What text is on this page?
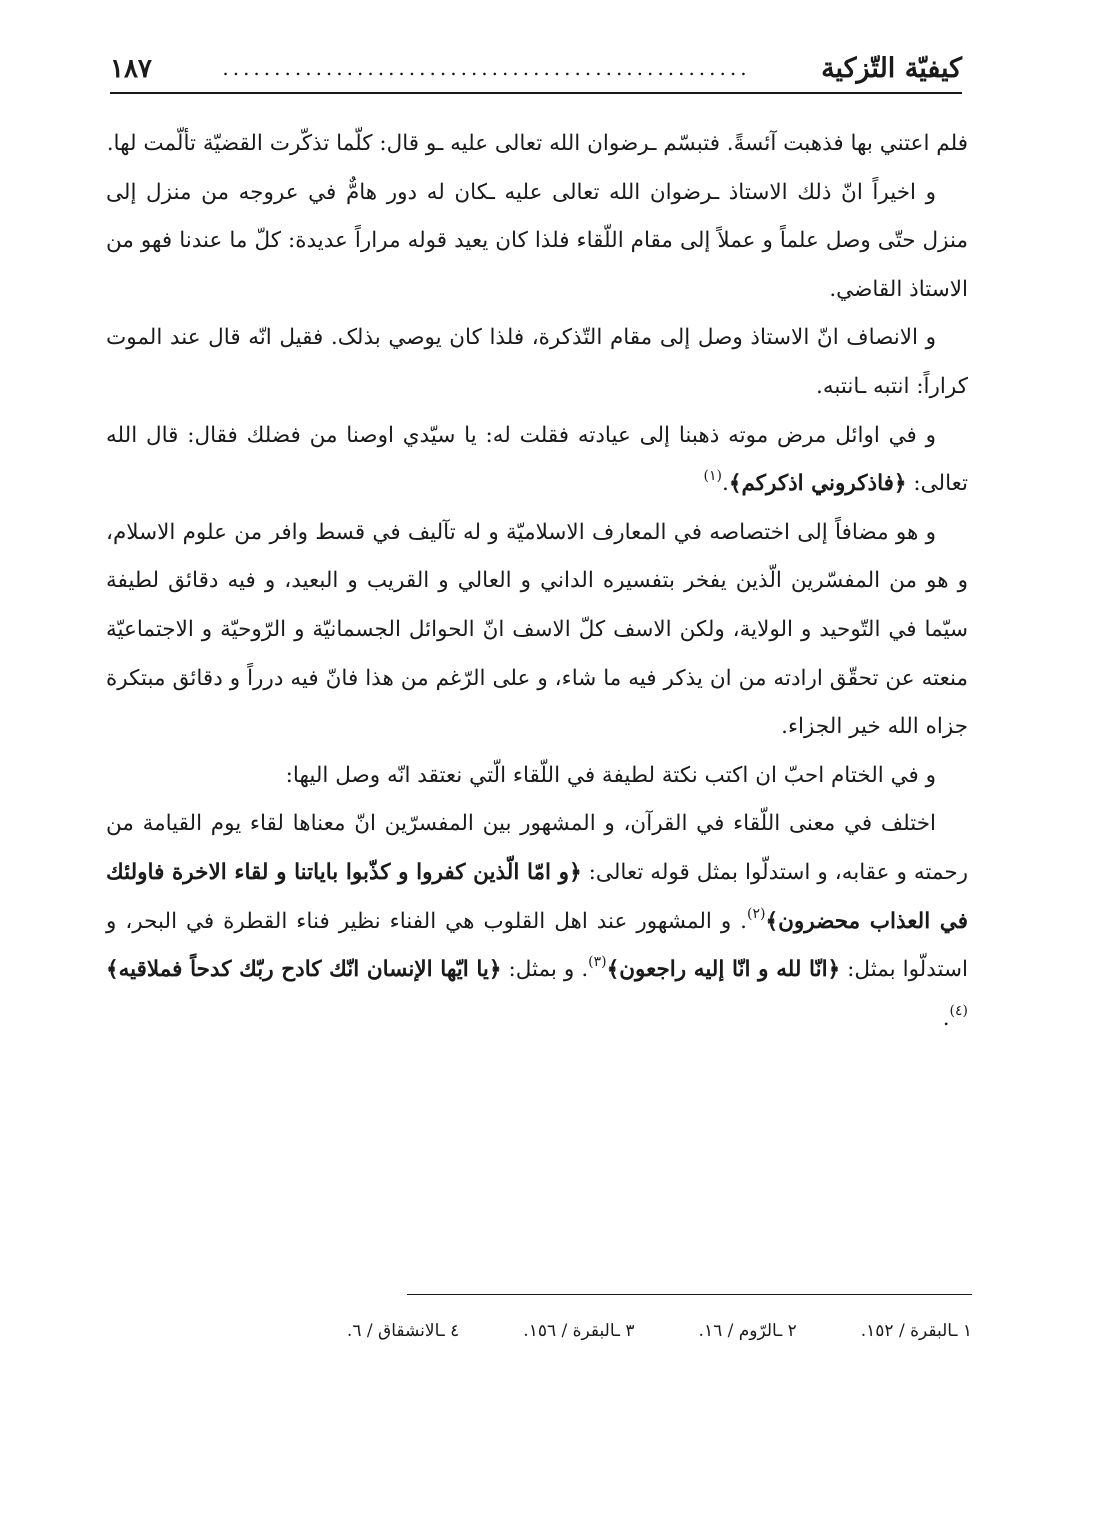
كيفيّة التّزكية
...................................................
١٨٧

فلم اعتني بها فذهبت آئسةً. فتبسّم ـرضوان الله تعالى عليه ـو قال: كلّما تذكّرت القضيّة تألّمت لها.

و اخيراً انّ ذلك الاستاذ ـرضوان الله تعالى عليه ـكان له دور هامٌّ في عروجه من منزل إلى منزل حتّى وصل علماً و عملاً إلى مقام اللّقاء فلذا كان يعيد قوله مراراً عديدة: كلّ ما عندنا فهو من الاستاذ القاضي.

و الانصاف انّ الاستاذ وصل إلى مقام التّذكرة، فلذا كان يوصي بذلک. فقيل انّه قال عند الموت كراراً: انتبه ـانتبه.

و في اوائل مرض موته ذهبنا إلى عيادته فقلت له: يا سيّدي اوصنا من فضلك فقال: قال الله تعالى: ﴿فاذكروني اذكركم﴾.$^{(١)}$

و هو مضافاً إلى اختصاصه في المعارف الاسلاميّة و له تآليف في قسط وافر من علوم الاسلام، و هو من المفسّرين الّذين يفخر بتفسيره الداني و العالي و القريب و البعيد، و فيه دقائق لطيفة سيّما في التّوحيد و الولاية، ولكن الاسف كلّ الاسف انّ الحوائل الجسمانيّة و الرّوحيّة و الاجتماعيّة منعته عن تحقّق ارادته من ان يذكر فيه ما شاء، و على الرّغم من هذا فانّ فيه درراً و دقائق مبتكرة جزاه الله خير الجزاء.

و في الختام احبّ ان اكتب نكتة لطيفة في اللّقاء الّتي نعتقد انّه وصل اليها:

اختلف في معنى اللّقاء في القرآن، و المشهور بين المفسرّين انّ معناها لقاء يوم القيامة من رحمته و عقابه، و استدلّوا بمثل قوله تعالى: ﴿و امّا الّذين كفروا و كذّبوا باياتنا و لقاء الاخرة فاولئك في العذاب محضرون﴾$^{(٢)}$. و المشهور عند اهل القلوب هي الفناء نظير فناء القطرة في البحر، و استدلّوا بمثل: ﴿انّا لله و انّا إليه راجعون﴾$^{(٣)}$. و بمثل: ﴿يا ايّها الإنسان انّك كادح ربّك كدحاً فملاقيه﴾$^{(٤)}$.

١ ـالبقرة / ١٥٢.
٢ ـالرّوم / ١٦.
٣ ـالبقرة / ١٥٦.
٤ ـالانشقاق / ٦.
